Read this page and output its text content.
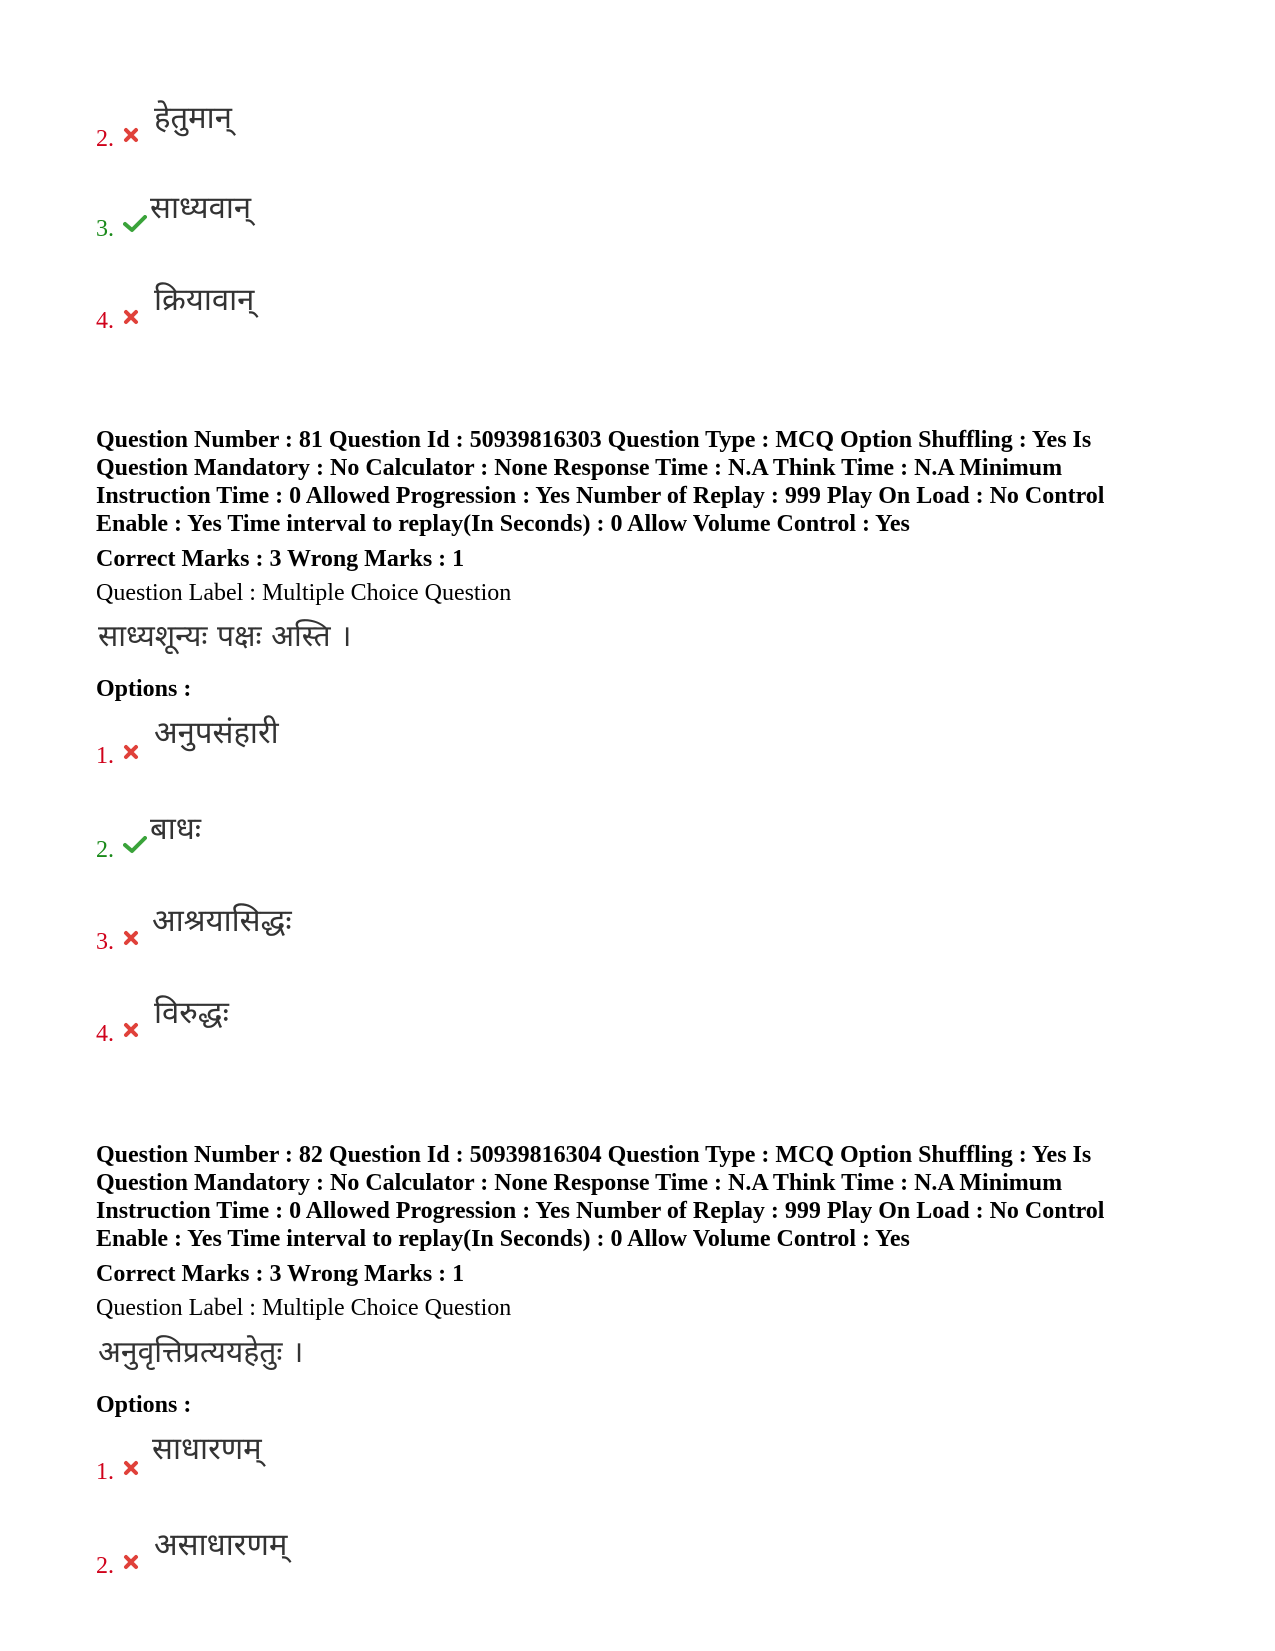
2.
हेतुमान्
3.
साध्यवान्
4.
क्रियावान्
Question Number : 81 Question Id : 50939816303 Question Type : MCQ Option Shuffling : Yes Is
Question Mandatory : No Calculator : None Response Time : N.A Think Time : N.A Minimum
Instruction Time : 0 Allowed Progression : Yes Number of Replay : 999 Play On Load : No Control
Enable : Yes Time interval to replay(In Seconds) : 0 Allow Volume Control : Yes
Correct Marks : 3 Wrong Marks : 1
Question Label : Multiple Choice Question
साध्यशून्यः पक्षः अस्ति ।
Options :
1.
अनुपसंहारी
2.
बाधः
3.
आश्रयासिद्धः
4.
विरुद्धः
Question Number : 82 Question Id : 50939816304 Question Type : MCQ Option Shuffling : Yes Is
Question Mandatory : No Calculator : None Response Time : N.A Think Time : N.A Minimum
Instruction Time : 0 Allowed Progression : Yes Number of Replay : 999 Play On Load : No Control
Enable : Yes Time interval to replay(In Seconds) : 0 Allow Volume Control : Yes
Correct Marks : 3 Wrong Marks : 1
Question Label : Multiple Choice Question
अनुवृत्तिप्रत्ययहेतुः ।
Options :
1.
साधारणम्
2.
असाधारणम्
